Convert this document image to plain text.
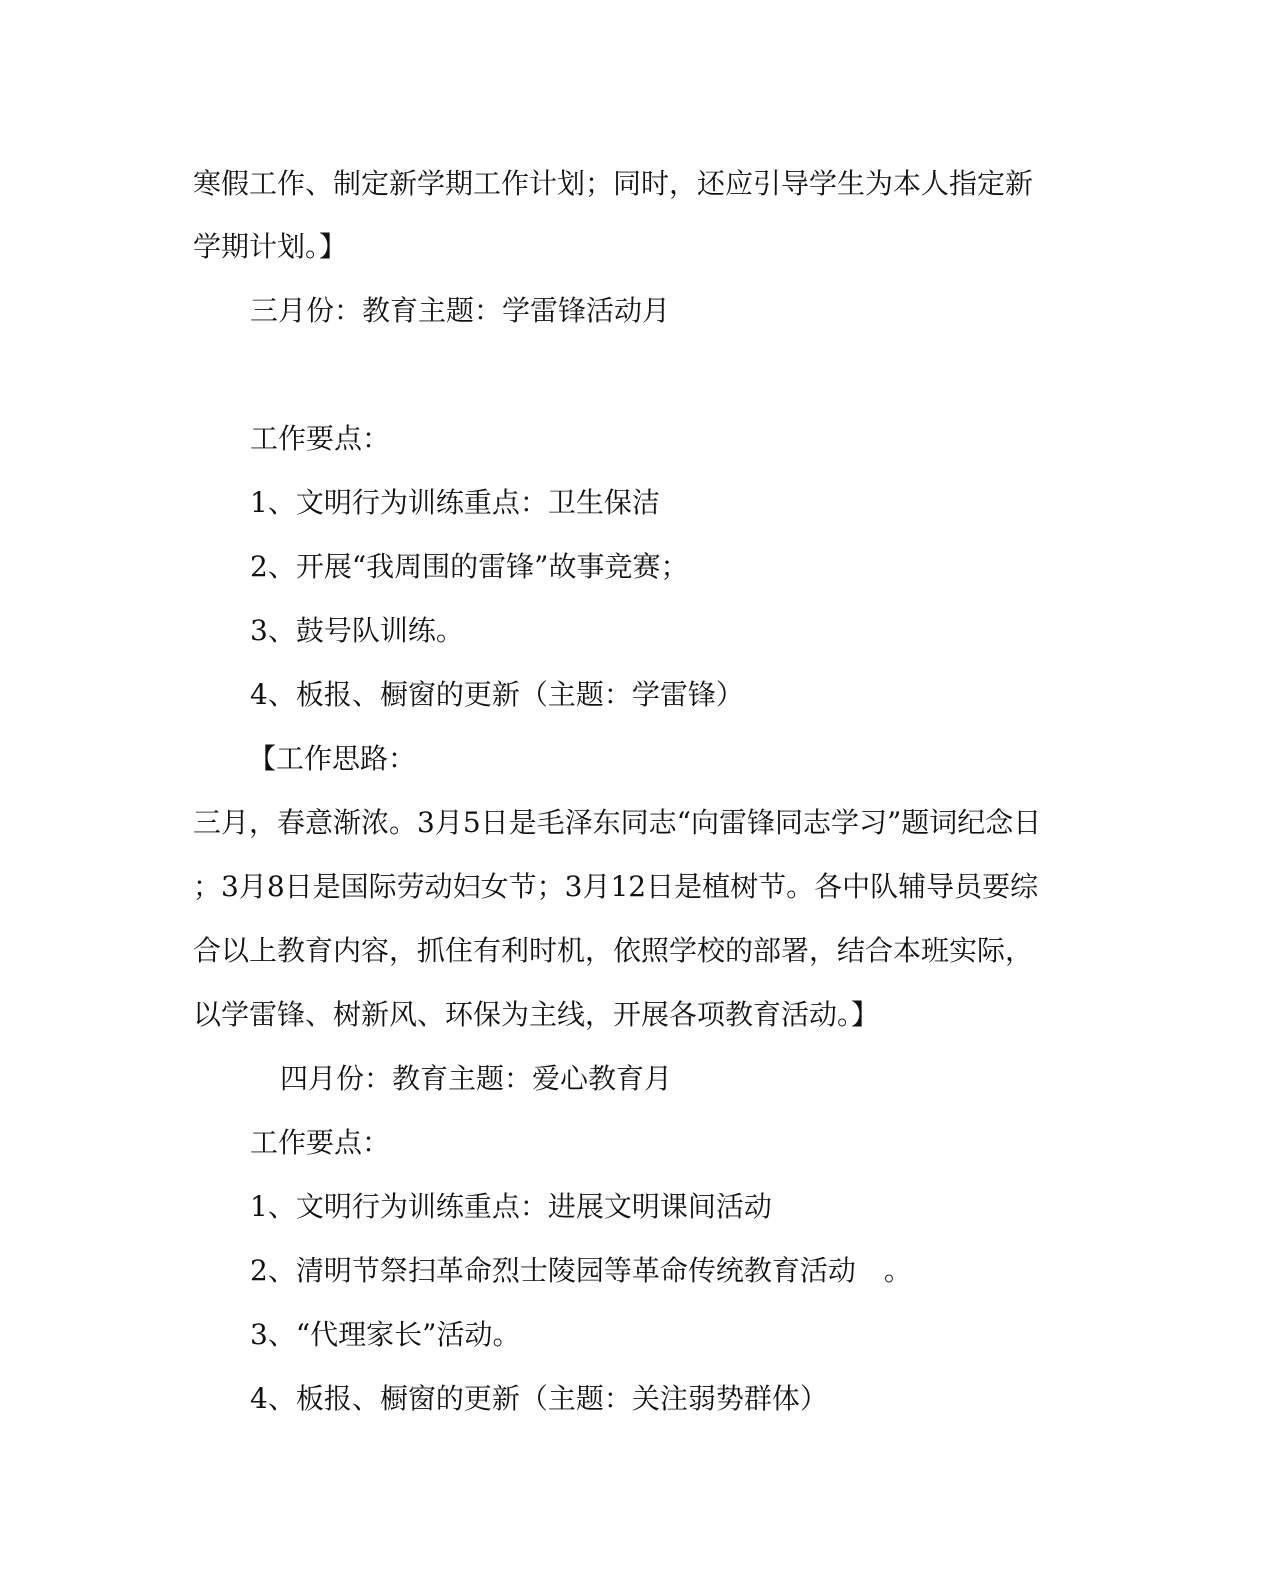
寒假工作、制定新学期工作计划；同时，还应引导学生为本人指定新
学期计划。】
三月份：教育主题：学雷锋活动月
工作要点：
1、文明行为训练重点：卫生保洁
2、开展“我周围的雷锋”故事竞赛；
3、鼓号队训练。
4、板报、橱窗的更新（主题：学雷锋）
【工作思路：
三月，春意渐浓。3月5日是毛泽东同志“向雷锋同志学习”题词纪念日
；3月8日是国际劳动妇女节；3月12日是植树节。各中队辅导员要综
合以上教育内容，抓住有利时机，依照学校的部署，结合本班实际，
以学雷锋、树新风、环保为主线，开展各项教育活动。】
四月份：教育主题：爱心教育月
工作要点：
1、文明行为训练重点：进展文明课间活动
2、清明节祭扫革命烈士陵园等革命传统教育活动　。
3、“代理家长”活动。
4、板报、橱窗的更新（主题：关注弱势群体）
